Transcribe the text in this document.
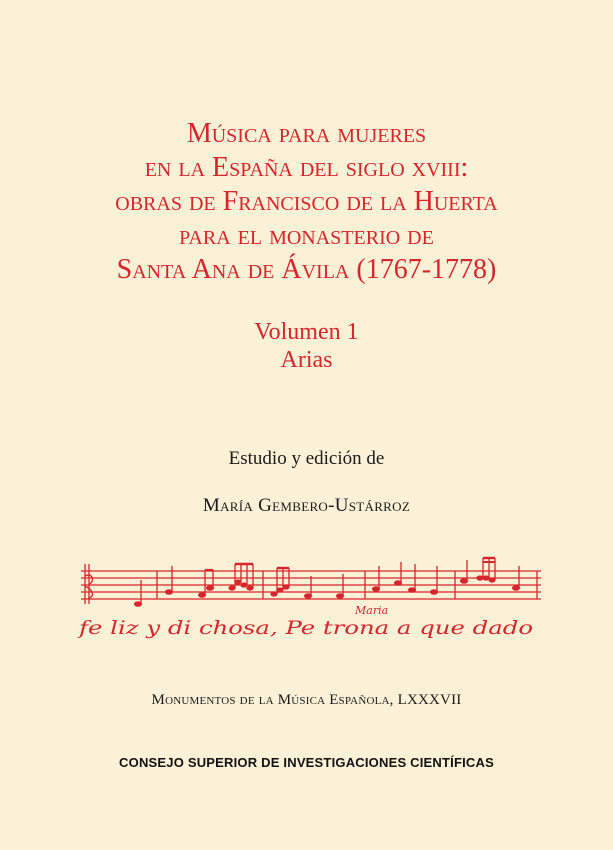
Música para mujeres
en la España del siglo xviii:
obras de Francisco de la Huerta
para el monasterio de
Santa Ana de Ávila (1767-1778)
Volumen 1
Arias
Estudio y edición de
María Gembero-Ustárroz
fe liz y di chosa, Pe trona a que dado
Maria
Monumentos de la Música Española, LXXXVII
CONSEJO SUPERIOR DE INVESTIGACIONES CIENTÍFICAS
